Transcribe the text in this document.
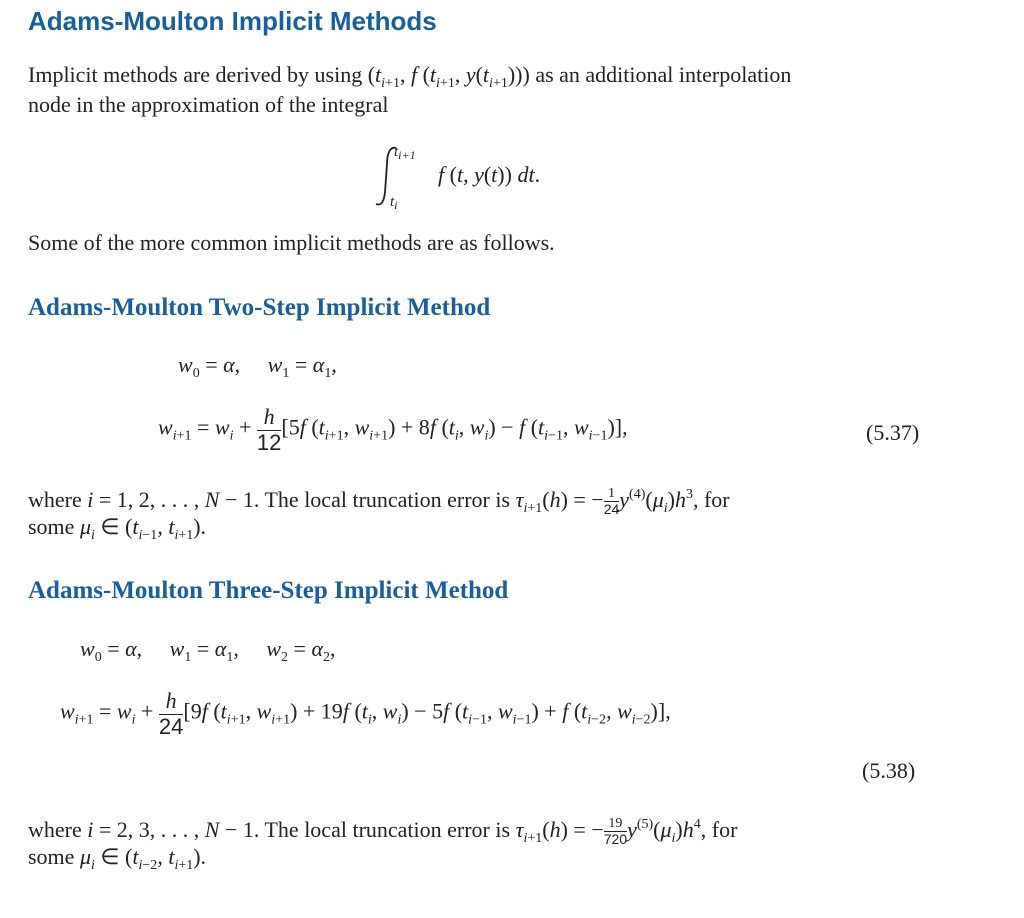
Adams-Moulton Implicit Methods
Implicit methods are derived by using ($t_{i+1}$, f ($t_{i+1}$, $y(t_{i+1})$)) as an additional interpolation
node in the approximation of the integral
$t_{i+1}$
$t_i$
f (t, y(t)) dt.
Some of the more common implicit methods are as follows.
Adams-Moulton Two-Step Implicit Method
$w_0 = \alpha$,     $w_1 = \alpha_1$,
$w_{i+1} = w_i + \frac{h}{12} [5f$ ($t_{i+1}$, $w_{i+1}) + 8f$ ($t_i$, $w_i) - f$ ($t_{i-1}$, $w_{i-1}$)],	(5.37)
where i = 1, 2, . . . , N − 1. The local truncation error is $\tau_{i+1}(h)$ = − $\frac{1}{24} y^{(4)}(\mu_i)h^3$, for
some $\mu_i$ ∈ ($t_{i-1}$, $t_{i+1}$).
Adams-Moulton Three-Step Implicit Method
$w_0 = \alpha$,     $w_1 = \alpha_1$,     $w_2 = \alpha_2$,
$w_{i+1} = w_i + \frac{h}{24} [9f$ ($t_{i+1}$, $w_{i+1}) + 19f$ ($t_i$, $w_i) - 5f$ ($t_{i-1}$, $w_{i-1}) + f$ ($t_{i-2}$, $w_{i-2}$)],
(5.38)
where i = 2, 3, . . . , N − 1. The local truncation error is $\tau_{i+1}(h)$ = − $\frac{19}{720} y^{(5)}(\mu_i)h^4$, for
some $\mu_i$ ∈ ($t_{i-2}$, $t_{i+1}$).
